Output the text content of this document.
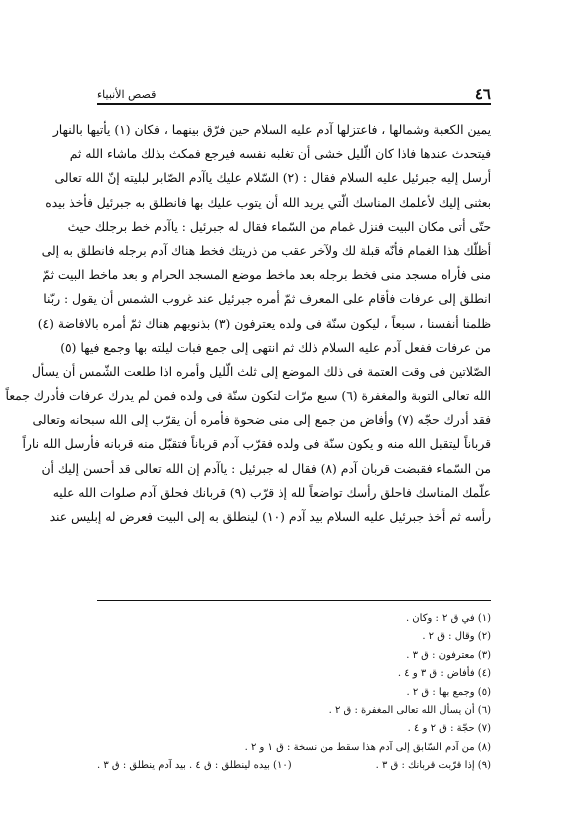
٤٦
قصص الأنبياء
يمين الكعبة وشمالها ، فاعتزلها آدم عليه السلام حين فرّق بينهما ، فكان (١) يأتيها بالنهار
فيتحدث عندها فاذا كان الّليل خشى أن تغلبه نفسه فيرجع فمكث بذلك ماشاء الله ثم
أرسل إليه جبرئيل عليه السلام فقال : (٢) السّلام عليك ياآدم الصّابر لبليته إنّ الله تعالى
بعثنى إليك لأعلمك المناسك الّتي يريد الله أن يتوب عليك بها فانطلق به جبرئيل فأخذ بيده
حتّى أتى مكان البيت فنزل غمام من السّماء فقال له جبرئيل : ياآدم خط برجلك حيث
أظلّك هذا الغمام فأنّه قبلة لك ولآخر عقب من ذريتك فخط هناك آدم برجله فانطلق به إلى
منى فأراه مسجد منى فخط برجله بعد ماخط موضع المسجد الحرام و بعد ماخط البيت ثمّ
انطلق إلى عرفات فأقام على المعرف ثمّ أمره جبرئيل عند غروب الشمس أن يقول : ربّنا
ظلمنا أنفسنا ، سبعاً ، ليكون سنّة فى ولده يعترفون (٣) بذنوبهم هناك ثمّ أمره بالافاضة (٤)
من عرفات ففعل آدم عليه السلام ذلك ثم انتهى إلى جمع فبات ليلته بها وجمع فيها (٥)
الصّلاتين فى وقت العتمة فى ذلك الموضع إلى ثلث الّليل وأمره اذا طلعت الشّمس أن يسأل
الله تعالى التوبة والمغفرة (٦) سبع مرّات لتكون سنّة فى ولده فمن لم يدرك عرفات فأدرك جمعاً
فقد أدرك حجّه (٧) وأفاض من جمع إلى منى ضحوة فأمره أن يقرّب إلى الله سبحانه وتعالى
قرباناً ليتقبل الله منه و يكون سنّة فى ولده فقرّب آدم قرباناً فتقبّل منه قربانه فأرسل الله ناراً
من السّماء فقبضت قربان آدم (٨) فقال له جبرئيل : ياآدم إن الله تعالى قد أحسن إليك أن
علّمك المناسك فاحلق رأسك تواضعاً لله إذ قرّب (٩) قربانك فحلق آدم صلوات الله عليه
رأسه ثم أخذ جبرئيل عليه السلام بيد آدم (١٠) لينطلق به إلى البيت فعرض له إبليس عند
(١) في ق ٢ : وكان .
(٢) وقال : ق ٢ .
(٣) معترفون : ق ٣ .
(٤) فأفاض : ق ٣ و ٤ .
(٥) وجمع بها : ق ٢ .
(٦) أن يسأل الله تعالى المغفرة : ق ٢ .
(٧) حجّة : ق ٢ و ٤ .
(٨) من آدم السّابق إلى آدم هذا سقط من نسخة : ق ١ و ٢ .
(٩) إذا قرّبت قربانك : ق ٣ .
(١٠) بيده لينطلق : ق ٤ . بيد آدم ينطلق : ق ٣ .
